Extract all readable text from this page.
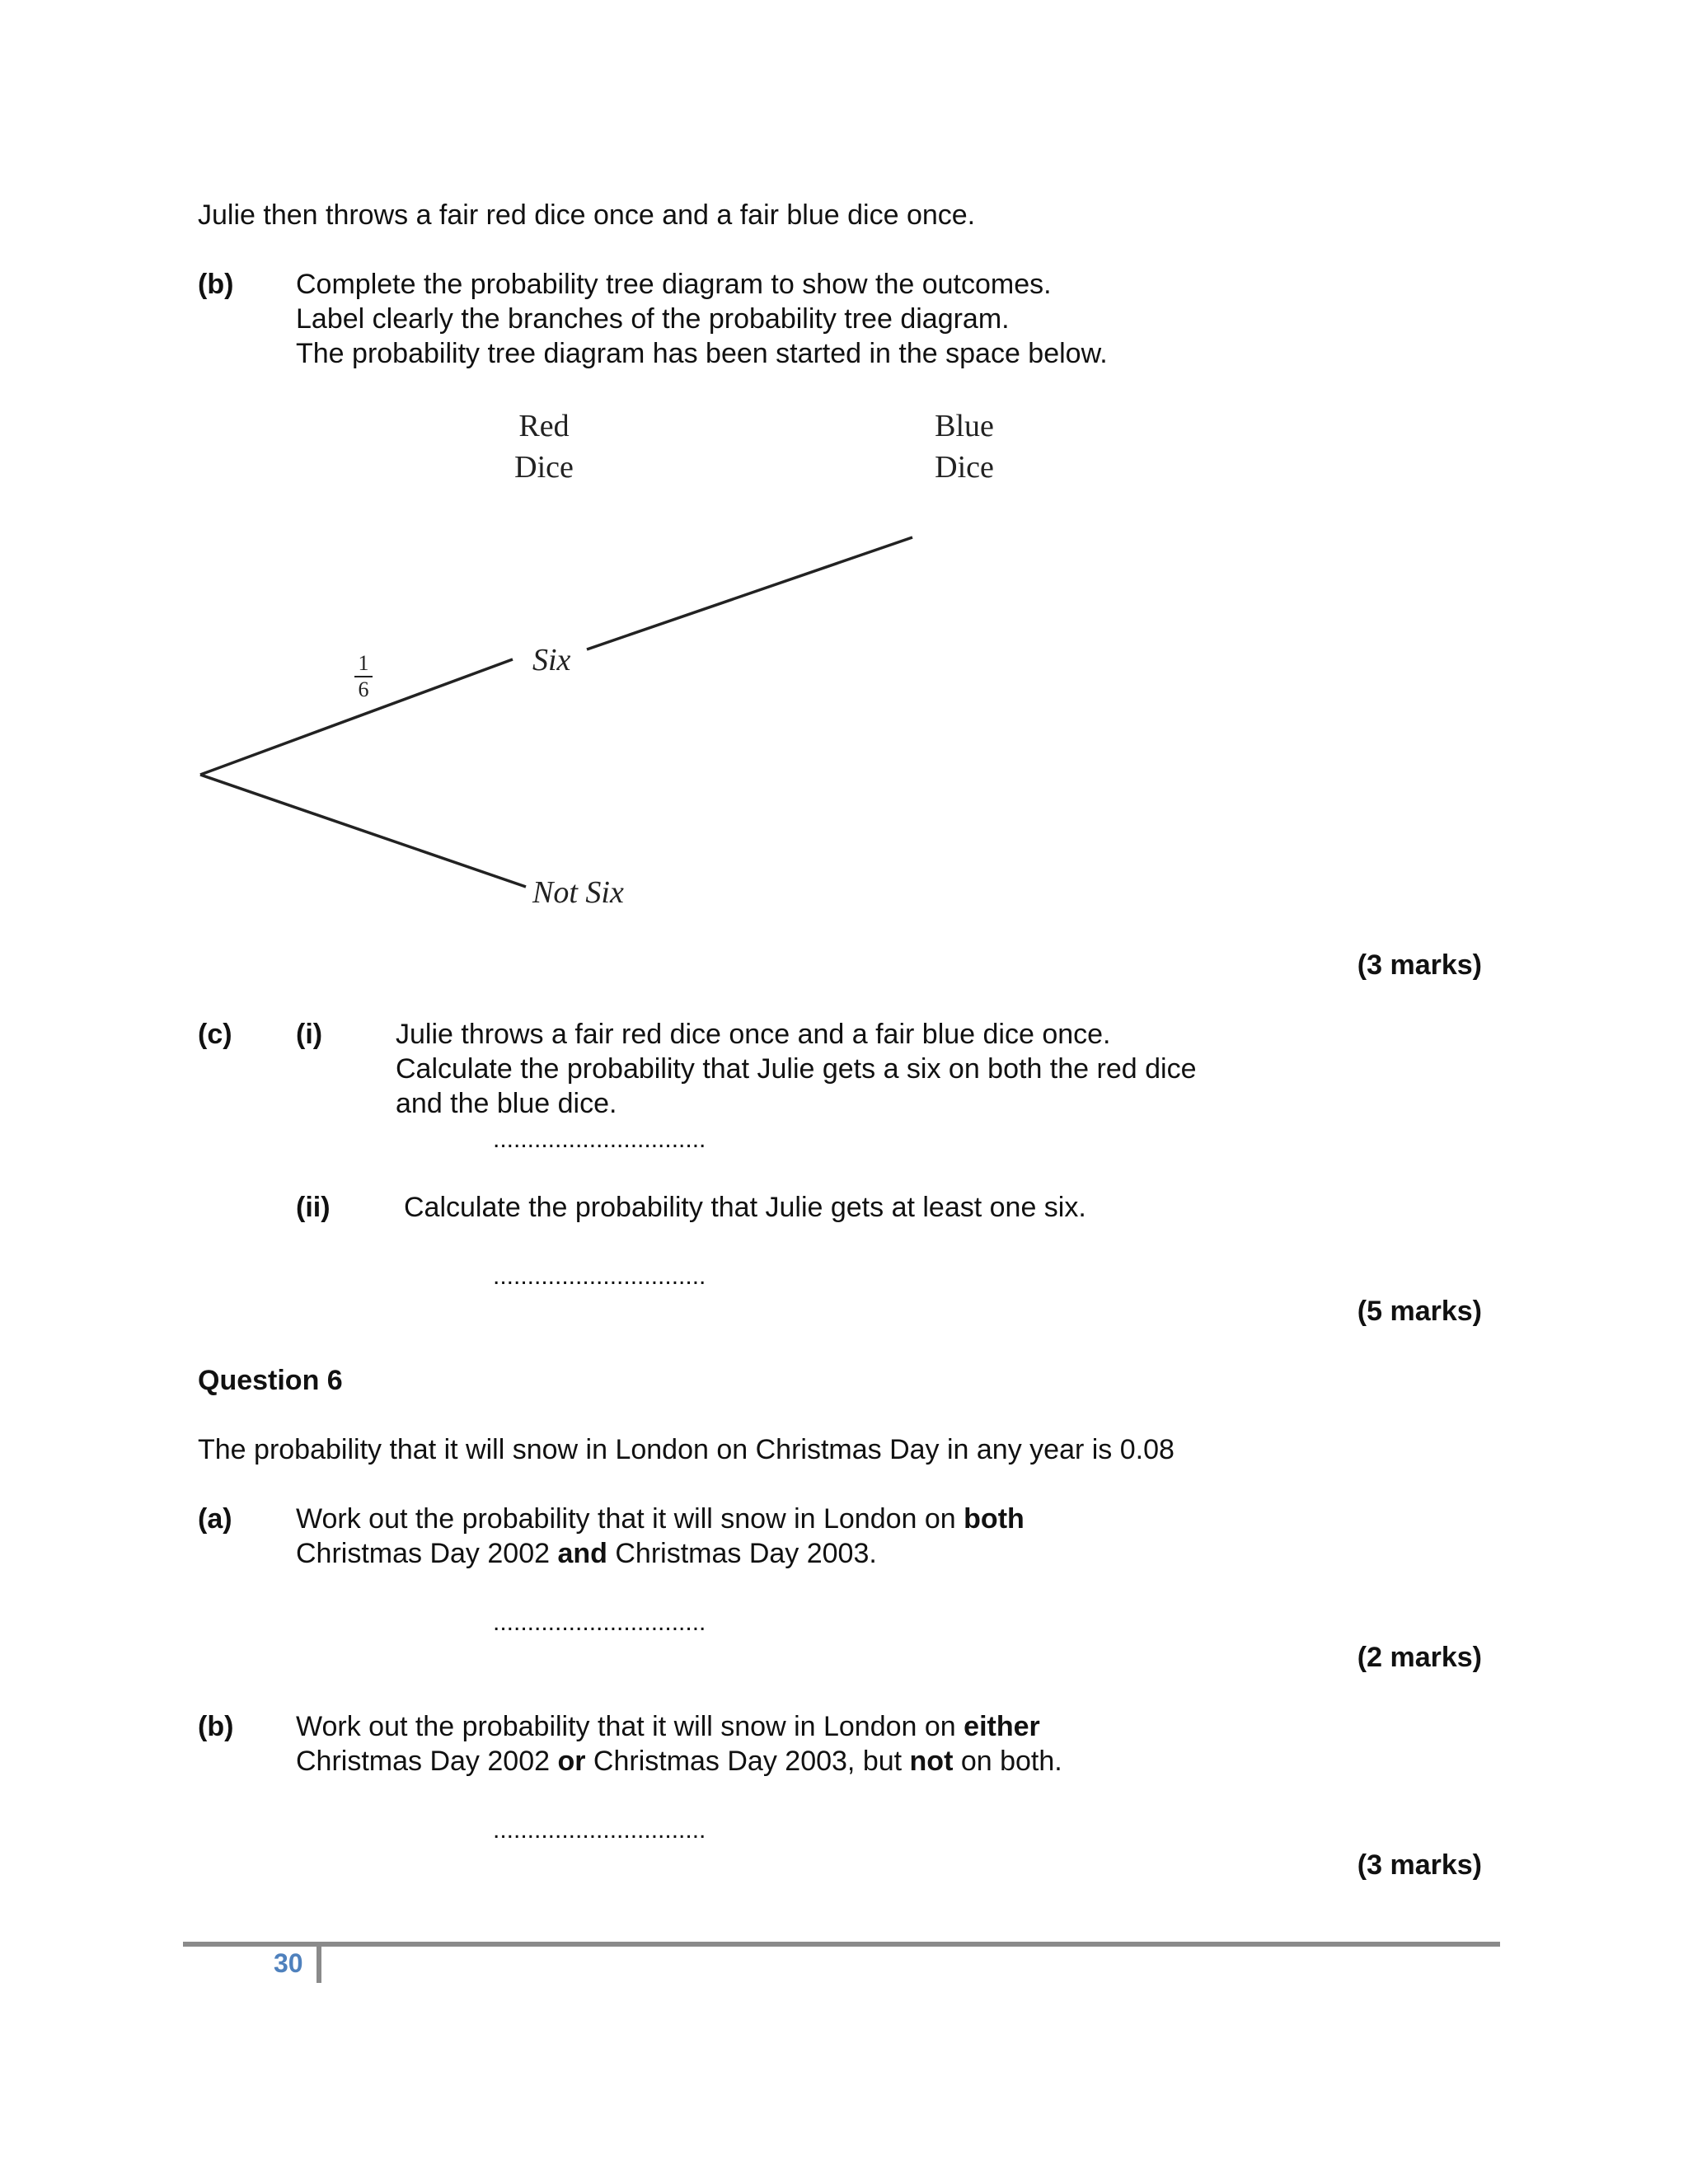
Julie then throws a fair red dice once and a fair blue dice once.

(b) Complete the probability tree diagram to show the outcomes.

Label clearly the branches of the probability tree diagram.

The probability tree diagram has been started in the space below.

Red
Dice
Blue
Dice
1
6

Six

Not Six

(3 marks)

(c) (i)	Julie throws a fair red dice once and a fair blue dice once.

Calculate the probability that Julie gets a six on both the red dice

and the blue dice.

...............................

(ii)	Calculate the probability that Julie gets at least one six.

...............................

(5 marks)

Question 6

The probability that it will snow in London on Christmas Day in any year is 0.08

(a) Work out the probability that it will snow in London on both

Christmas Day 2002 and Christmas Day 2003.

...............................

(2 marks)

(b) Work out the probability that it will snow in London on either

Christmas Day 2002 or Christmas Day 2003, but not on both.

...............................

(3 marks)

30
